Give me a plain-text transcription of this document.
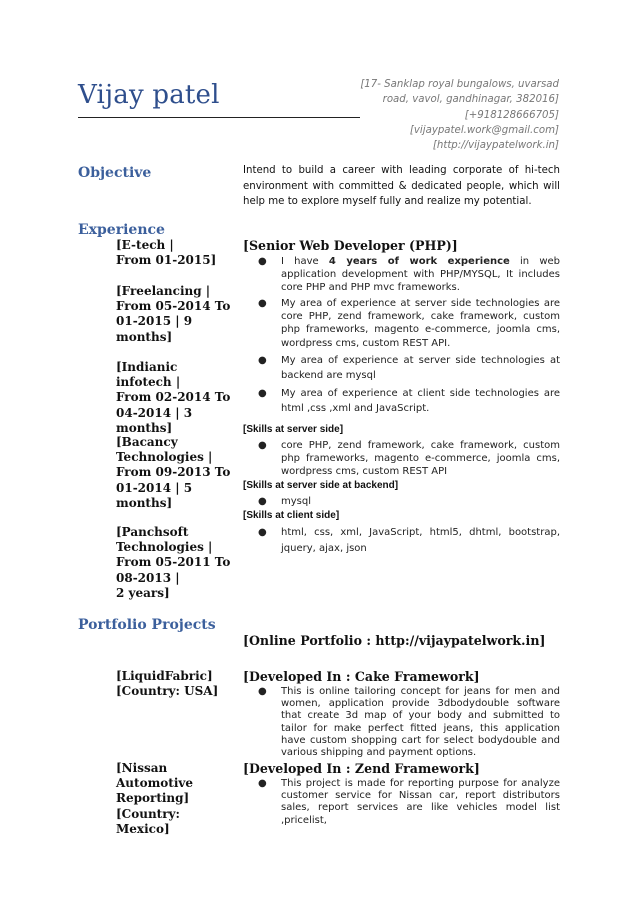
Vijay patel	[17- Sanklap royal bungalows, uvarsad
road, vavol, gandhinagar, 382016]
[+918128666705]
[vijaypatel.work@gmail.com]
[http://vijaypatelwork.in]
Objective	Intend to build a career with leading corporate of hi-tech environment with committed & dedicated people, which will help me to explore myself fully and realize my potential.
Experience
[E-tech |
From 01-2015]
[Freelancing |
From 05-2014 To
01-2015 | 9
months]
[Indianic infotech |
From 02-2014 To
04-2014 | 3
months]
[Bacancy
Technologies |
From 09-2013 To
01-2014 | 5
months]
[Panchsoft
Technologies |
From 05-2011 To
08-2013 |
2 years]
[Senior Web Developer (PHP)]
● I have 4 years of work experience in web application development with PHP/MYSQL, It includes core PHP and PHP mvc frameworks.
● My area of experience at server side technologies are core PHP, zend framework, cake framework, custom php frameworks, magento e-commerce, joomla cms, wordpress cms, custom REST API.
● My area of experience at server side technologies at backend are mysql
● My area of experience at client side technologies are html ,css ,xml and JavaScript.
[Skills at server side]
● core PHP, zend framework, cake framework, custom php frameworks, magento e-commerce, joomla cms, wordpress cms, custom REST API
[Skills at server side at backend]
● mysql
[Skills at client side]
● html, css, xml, JavaScript, html5, dhtml, bootstrap, jquery, ajax, json
Portfolio Projects
[Online Portfolio : http://vijaypatelwork.in]
[LiquidFabric]
[Country: USA]
[Developed In : Cake Framework]
● This is online tailoring concept for jeans for men and women, application provide 3dbodydouble software that create 3d map of your body and submitted to tailor for make perfect fitted jeans, this application have custom shopping cart for select bodydouble and various shipping and payment options.
[Nissan
Automotive
Reporting]
[Country: Mexico]
[Developed In : Zend Framework]
● This project is made for reporting purpose for analyze customer service for Nissan car, report distributors sales, report services are like vehicles model list ,pricelist,
